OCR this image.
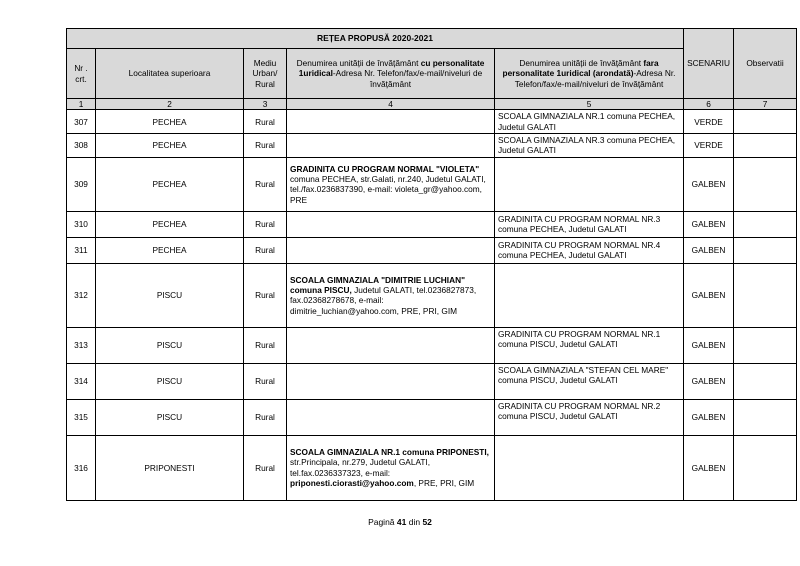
REȚEA PROPUSĂ 2020-2021					SCENARIU	Observatii
Nr . crt.	Localitatea superioara	Mediu Urban/ Rural	Denumirea unității de învățământ cu personalitate 1uridical-Adresa Nr. Telefon/fax/e-mail/niveluri de învățământ	Denumirea unității de învățământ fara personalitate 1uridical (arondată)-Adresa Nr. Telefon/fax/e-mail/niveluri de învățământ		
1	2	3	4	5	6	7
307	PECHEA	Rural		SCOALA GIMNAZIALA NR.1 comuna PECHEA, Judetul GALATI	VERDE	
308	PECHEA	Rural		SCOALA GIMNAZIALA NR.3 comuna PECHEA, Judetul GALATI	VERDE	
309	PECHEA	Rural	GRADINITA CU PROGRAM NORMAL "VIOLETA" comuna PECHEA, str.Galati, nr.240, Judetul GALATI, tel./fax.0236837390, e-mail: violeta_gr@yahoo.com, PRE		GALBEN	
310	PECHEA	Rural		GRADINITA CU PROGRAM NORMAL NR.3 comuna PECHEA, Judetul GALATI	GALBEN	
311	PECHEA	Rural		GRADINITA CU PROGRAM NORMAL NR.4 comuna PECHEA, Judetul GALATI	GALBEN	
312	PISCU	Rural	SCOALA GIMNAZIALA "DIMITRIE LUCHIAN" comuna PISCU, Judetul GALATI, tel.0236827873, fax.02368278678, e-mail: dimitrie_luchian@yahoo.com, PRE, PRI, GIM		GALBEN	
313	PISCU	Rural		GRADINITA CU PROGRAM NORMAL NR.1 comuna PISCU, Judetul GALATI	GALBEN	
314	PISCU	Rural		SCOALA GIMNAZIALA "STEFAN CEL MARE" comuna PISCU, Judetul GALATI	GALBEN	
315	PISCU	Rural		GRADINITA CU PROGRAM NORMAL NR.2 comuna PISCU, Judetul GALATI	GALBEN	
316	PRIPONESTI	Rural	SCOALA GIMNAZIALA NR.1 comuna PRIPONESTI, str.Principala, nr.279, Judetul GALATI, tel.fax.0236337323, e-mail: priponesti.ciorasti@yahoo.com, PRE, PRI, GIM		GALBEN	
Pagină 41 din 52
